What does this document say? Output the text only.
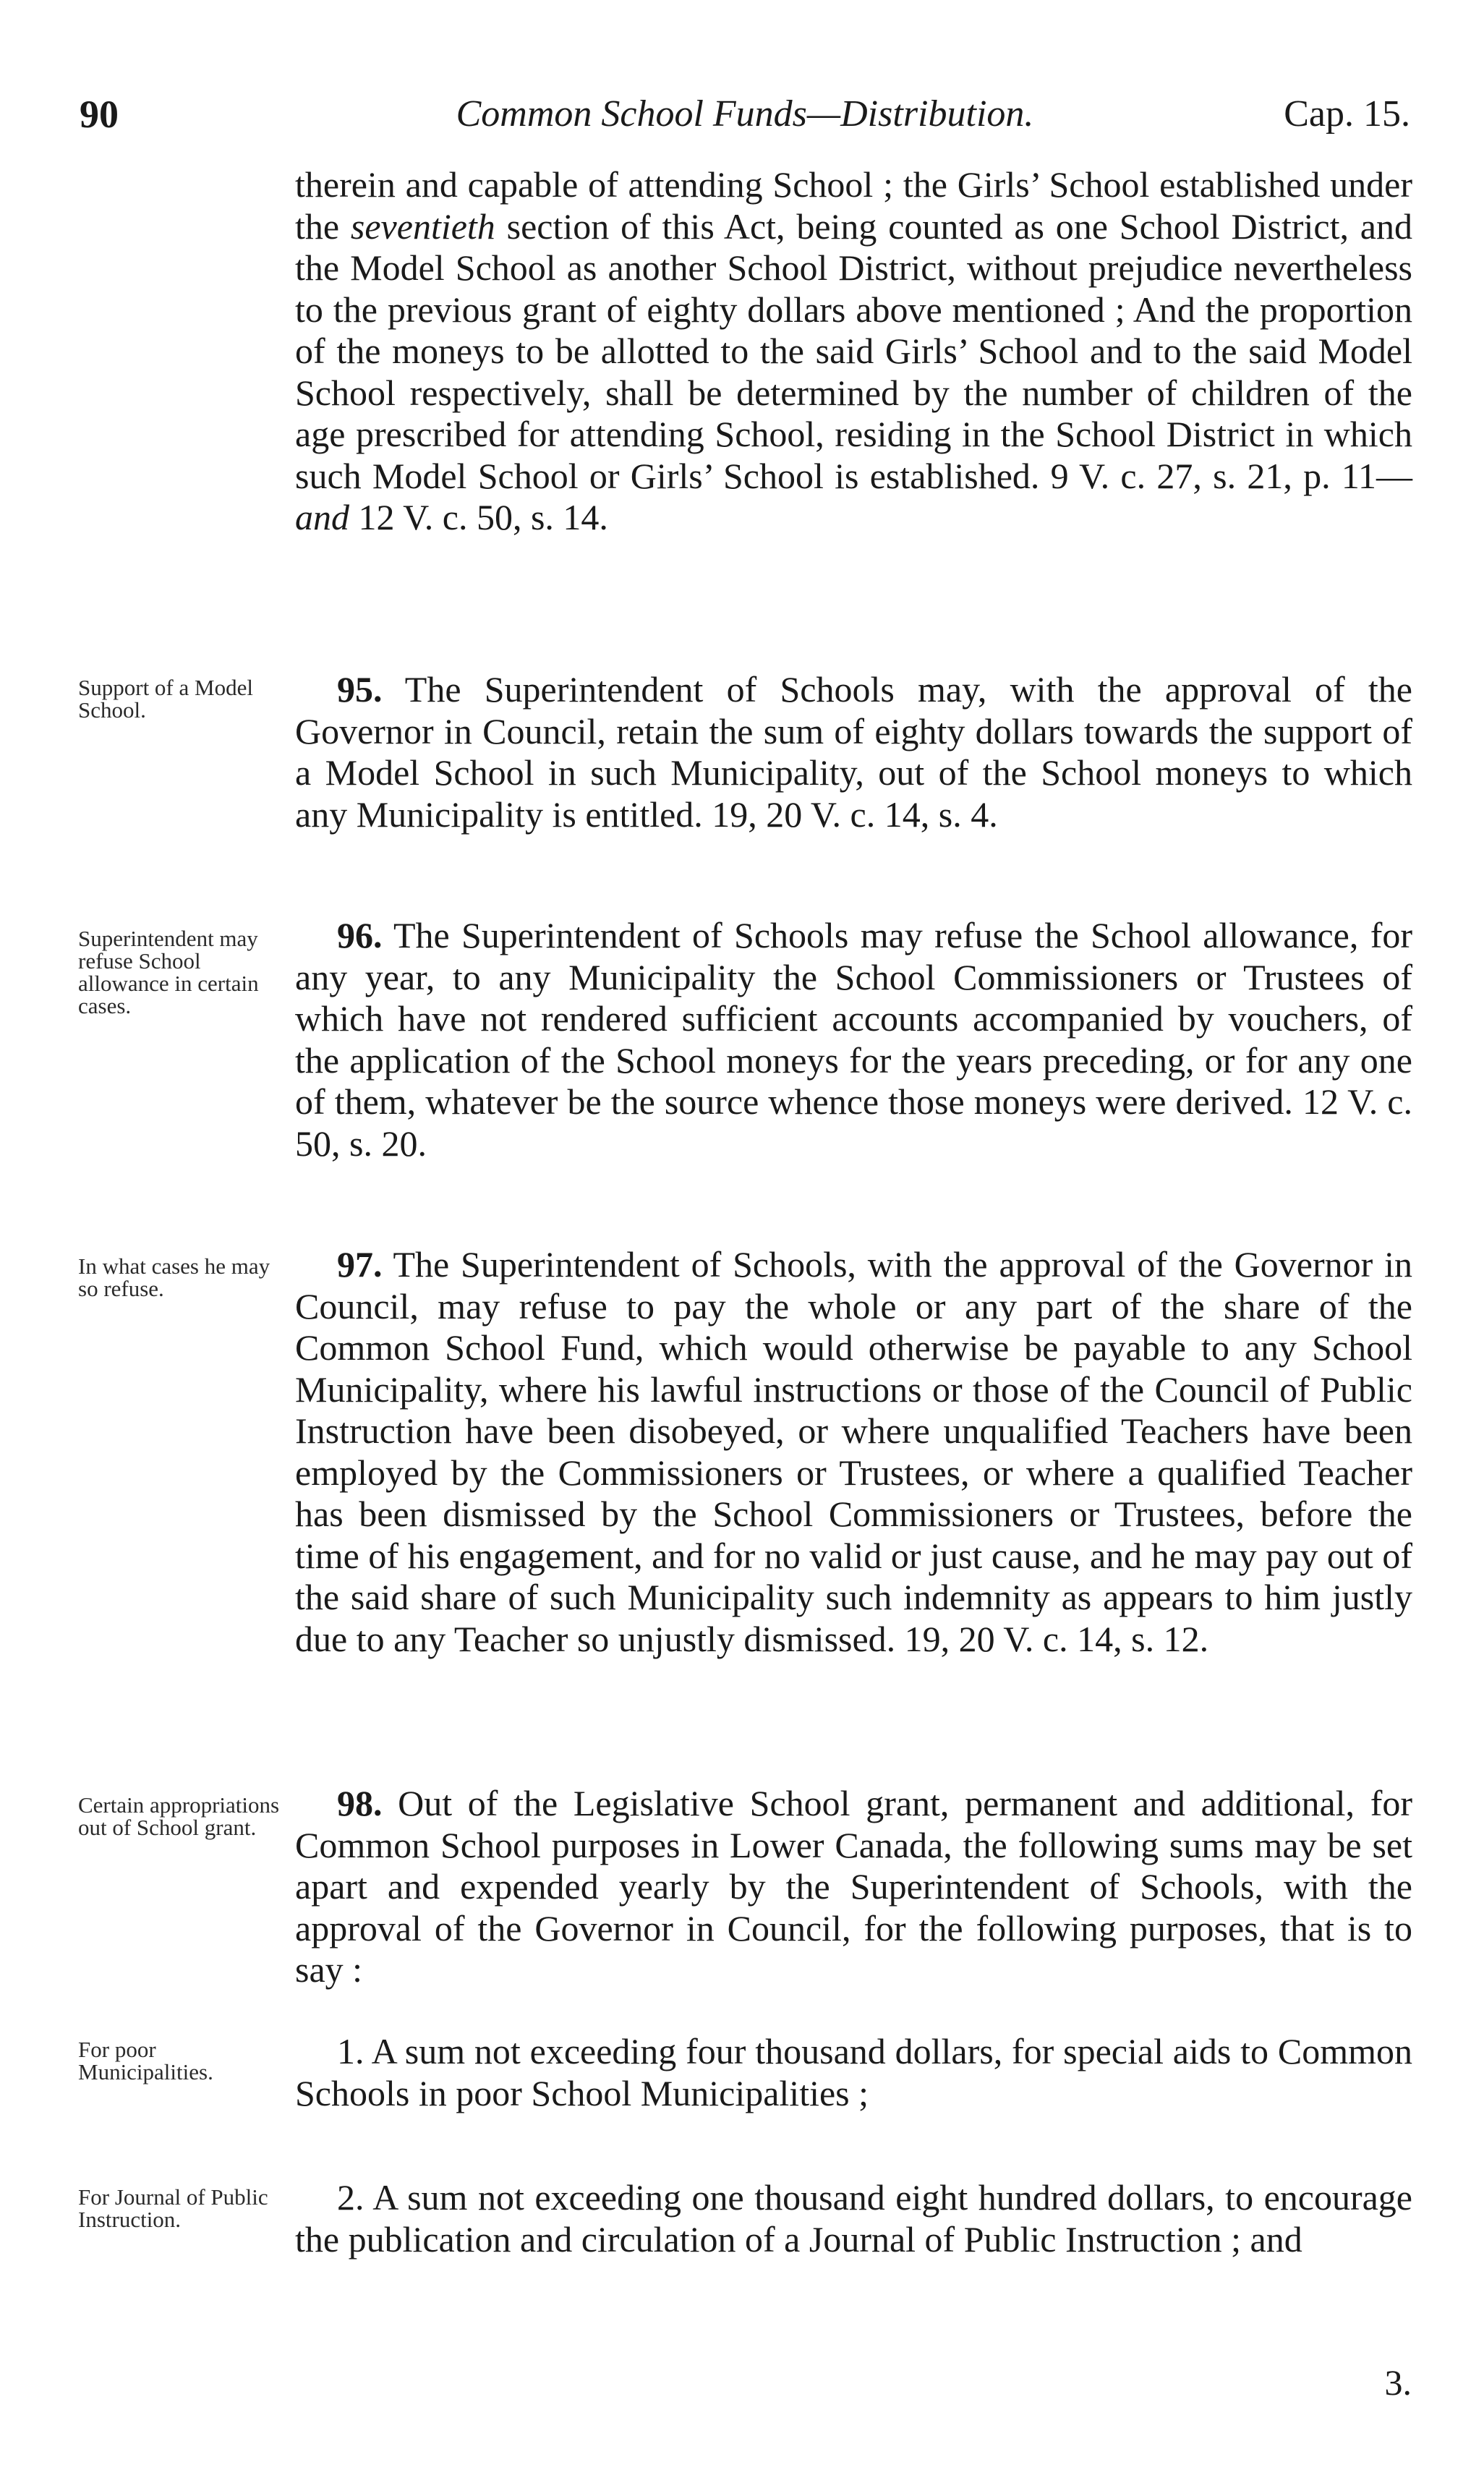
90	Common School Funds—Distribution.	Cap. 15.

therein and capable of attending School ; the Girls’ School established under the seventieth section of this Act, being counted as one School District, and the Model School as another School District, without prejudice nevertheless to the previous grant of eighty dollars above mentioned ; And the proportion of the moneys to be allotted to the said Girls’ School and to the said Model School respectively, shall be determined by the number of children of the age prescribed for attending School, residing in the School District in which such Model School or Girls’ School is established. 9 V. c. 27, s. 21, p. 11— and 12 V. c. 50, s. 14.

Support of a Model School.

95. The Superintendent of Schools may, with the approval of the Governor in Council, retain the sum of eighty dollars towards the support of a Model School in such Municipality, out of the School moneys to which any Municipality is entitled. 19, 20 V. c. 14, s. 4.

Superintendent may refuse School allowance in certain cases.

96. The Superintendent of Schools may refuse the School allowance, for any year, to any Municipality the School Commissioners or Trustees of which have not rendered sufficient accounts accompanied by vouchers, of the application of the School moneys for the years preceding, or for any one of them, whatever be the source whence those moneys were derived. 12 V. c. 50, s. 20.

In what cases he may so refuse.

97. The Superintendent of Schools, with the approval of the Governor in Council, may refuse to pay the whole or any part of the share of the Common School Fund, which would otherwise be payable to any School Municipality, where his lawful instructions or those of the Council of Public Instruction have been disobeyed, or where unqualified Teachers have been employed by the Commissioners or Trustees, or where a qualified Teacher has been dismissed by the School Commissioners or Trustees, before the time of his engagement, and for no valid or just cause, and he may pay out of the said share of such Municipality such indemnity as appears to him justly due to any Teacher so unjustly dismissed. 19, 20 V. c. 14, s. 12.

Certain appropriations out of School grant.

98. Out of the Legislative School grant, permanent and additional, for Common School purposes in Lower Canada, the following sums may be set apart and expended yearly by the Superintendent of Schools, with the approval of the Governor in Council, for the following purposes, that is to say :

For poor Municipalities.

1. A sum not exceeding four thousand dollars, for special aids to Common Schools in poor School Municipalities ;

For Journal of Public Instruction.

2. A sum not exceeding one thousand eight hundred dollars, to encourage the publication and circulation of a Journal of Public Instruction ; and

3.
